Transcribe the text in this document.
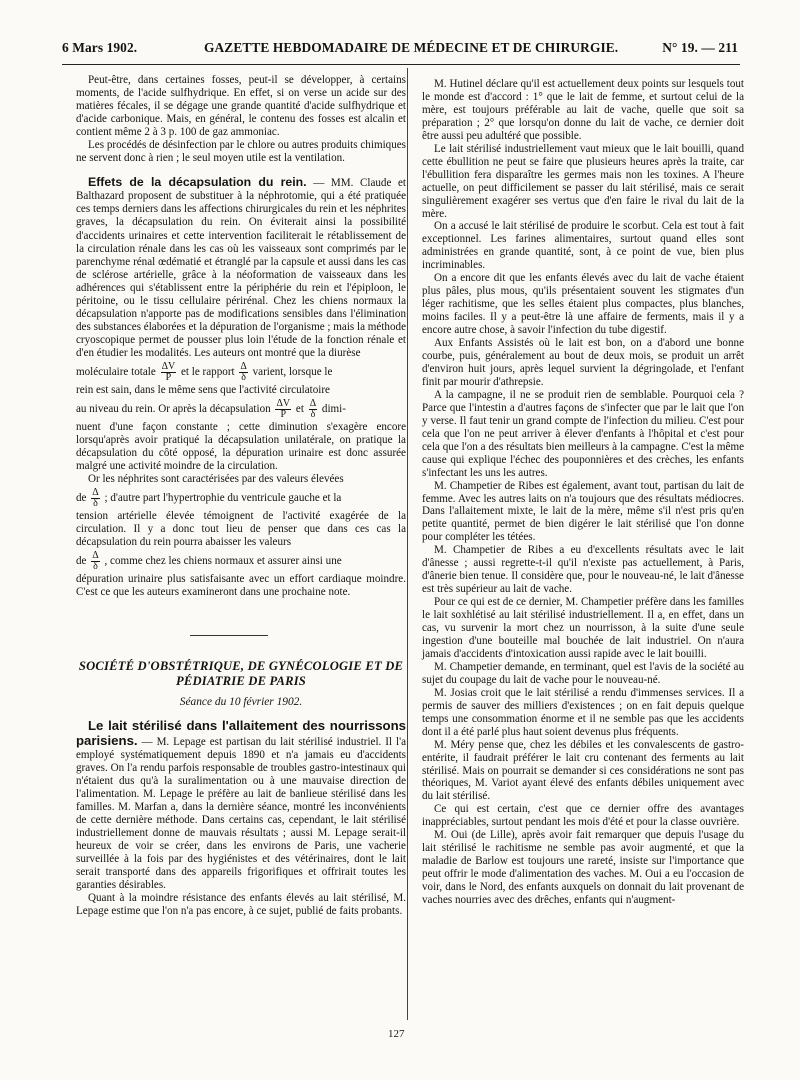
6 Mars 1902.	GAZETTE HEBDOMADAIRE DE MÉDECINE ET DE CHIRURGIE.	N° 19. — 211

Peut-être, dans certaines fosses, peut-il se développer, à certains moments, de l'acide sulfhydrique. En effet, si on verse un acide sur des matières fécales, il se dégage une grande quantité d'acide sulfhydrique et d'acide carbonique. Mais, en général, le contenu des fosses est alcalin et contient même 2 à 3 p. 100 de gaz ammoniac.

Les procédés de désinfection par le chlore ou autres produits chimiques ne servent donc à rien ; le seul moyen utile est la ventilation.

Effets de la décapsulation du rein. — MM. Claude et Balthazard proposent de substituer à la néphrotomie, qui a été pratiquée ces temps derniers dans les affections chirurgicales du rein et les néphrites graves, la décapsulation du rein. On éviterait ainsi la possibilité d'accidents urinaires et cette intervention faciliterait le rétablissement de la circulation rénale dans les cas où les vaisseaux sont comprimés par le parenchyme rénal œdématié et étranglé par la capsule et aussi dans les cas de sclérose artérielle, grâce à la néoformation de vaisseaux dans les adhérences qui s'établissent entre la périphérie du rein et l'épiploon, le péritoine, ou le tissu cellulaire périrénal. Chez les chiens normaux la décapsulation n'apporte pas de modifications sensibles dans l'élimination des substances élaborées et la dépuration de l'organisme ; mais la méthode cryoscopique permet de pousser plus loin l'étude de la fonction rénale et d'en étudier les modalités. Les auteurs ont montré que la diurèse

moléculaire totale $\frac{\Delta V}{P}$ et le rapport $\frac{\Delta}{\delta}$ varient, lorsque le

rein est sain, dans le même sens que l'activité circulatoire

au niveau du rein. Or après la décapsulation $\frac{\Delta V}{P}$ et $\frac{\Delta}{\delta}$ dimi-

nuent d'une façon constante ; cette diminution s'exagère encore lorsqu'après avoir pratiqué la décapsulation unilatérale, on pratique la décapsulation du côté opposé, la dépuration urinaire est donc assurée malgré une activité moindre de la circulation.

Or les néphrites sont caractérisées par des valeurs élevées

de $\frac{\Delta}{\delta}$ ; d'autre part l'hypertrophie du ventricule gauche et la

tension artérielle élevée témoignent de l'activité exagérée de la circulation. Il y a donc tout lieu de penser que dans ces cas la décapsulation du rein pourra abaisser les valeurs

de $\frac{\Delta}{\delta}$ , comme chez les chiens normaux et assurer ainsi une

dépuration urinaire plus satisfaisante avec un effort cardiaque moindre. C'est ce que les auteurs examineront dans une prochaine note.

SOCIÉTÉ D'OBSTÉTRIQUE, DE GYNÉCOLOGIE ET DE PÉDIATRIE DE PARIS
Séance du 10 février 1902.

Le lait stérilisé dans l'allaitement des nourrissons parisiens. — M. Lepage est partisan du lait stérilisé industriel. Il l'a employé systématiquement depuis 1890 et n'a jamais eu d'accidents graves. On l'a rendu parfois responsable de troubles gastro-intestinaux qui n'étaient dus qu'à la suralimentation ou à une mauvaise direction de l'alimentation. M. Lepage le préfère au lait de banlieue stérilisé dans les familles. M. Marfan a, dans la dernière séance, montré les inconvénients de cette dernière méthode. Dans certains cas, cependant, le lait stérilisé industriellement donne de mauvais résultats ; aussi M. Lepage serait-il heureux de voir se créer, dans les environs de Paris, une vacherie surveillée à la fois par des hygiénistes et des vétérinaires, dont le lait serait transporté dans des appareils frigorifiques et offrirait toutes les garanties désirables.

Quant à la moindre résistance des enfants élevés au lait stérilisé, M. Lepage estime que l'on n'a pas encore, à ce sujet, publié de faits probants.

M. Hutinel déclare qu'il est actuellement deux points sur lesquels tout le monde est d'accord : 1° que le lait de femme, et surtout celui de la mère, est toujours préférable au lait de vache, quelle que soit sa préparation ; 2° que lorsqu'on donne du lait de vache, ce dernier doit être aussi peu adultéré que possible.

Le lait stérilisé industriellement vaut mieux que le lait bouilli, quand cette ébullition ne peut se faire que plusieurs heures après la traite, car l'ébullition fera disparaître les germes mais non les toxines. A l'heure actuelle, on peut difficilement se passer du lait stérilisé, mais ce serait singulièrement exagérer ses vertus que d'en faire le rival du lait de la mère.

On a accusé le lait stérilisé de produire le scorbut. Cela est tout à fait exceptionnel. Les farines alimentaires, surtout quand elles sont administrées en grande quantité, sont, à ce point de vue, bien plus incriminables.

On a encore dit que les enfants élevés avec du lait de vache étaient plus pâles, plus mous, qu'ils présentaient souvent les stigmates d'un léger rachitisme, que les selles étaient plus compactes, plus blanches, moins faciles. Il y a peut-être là une affaire de ferments, mais il y a encore autre chose, à savoir l'infection du tube digestif.

Aux Enfants Assistés où le lait est bon, on a d'abord une bonne courbe, puis, généralement au bout de deux mois, se produit un arrêt d'environ huit jours, après lequel survient la dégringolade, et l'enfant finit par mourir d'athrepsie.

A la campagne, il ne se produit rien de semblable. Pourquoi cela ? Parce que l'intestin a d'autres façons de s'infecter que par le lait que l'on y verse. Il faut tenir un grand compte de l'infection du milieu. C'est pour cela que l'on ne peut arriver à élever d'enfants à l'hôpital et c'est pour cela que l'on a des résultats bien meilleurs à la campagne. C'est la même cause qui explique l'échec des pouponnières et des crèches, les enfants s'infectant les uns les autres.

M. Champetier de Ribes est également, avant tout, partisan du lait de femme. Avec les autres laits on n'a toujours que des résultats médiocres. Dans l'allaitement mixte, le lait de la mère, même s'il n'est pris qu'en petite quantité, permet de bien digérer le lait stérilisé que l'on donne pour compléter les tétées.

M. Champetier de Ribes a eu d'excellents résultats avec le lait d'ânesse ; aussi regrette-t-il qu'il n'existe pas actuellement, à Paris, d'ânerie bien tenue. Il considère que, pour le nouveau-né, le lait d'ânesse est très supérieur au lait de vache.

Pour ce qui est de ce dernier, M. Champetier préfère dans les familles le lait soxhlétisé au lait stérilisé industriellement. Il a, en effet, dans un cas, vu survenir la mort chez un nourrisson, à la suite d'une seule ingestion d'une bouteille mal bouchée de lait industriel. On n'aura jamais d'accidents d'intoxication aussi rapide avec le lait bouilli.

M. Champetier demande, en terminant, quel est l'avis de la société au sujet du coupage du lait de vache pour le nouveau-né.

M. Josias croit que le lait stérilisé a rendu d'immenses services. Il a permis de sauver des milliers d'existences ; on en fait depuis quelque temps une consommation énorme et il ne semble pas que les accidents dont il a été parlé plus haut soient devenus plus fréquents.

M. Méry pense que, chez les débiles et les convalescents de gastro-entérite, il faudrait préférer le lait cru contenant des ferments au lait stérilisé. Mais on pourrait se demander si ces considérations ne sont pas théoriques, M. Variot ayant élevé des enfants débiles uniquement avec du lait stérilisé.

Ce qui est certain, c'est que ce dernier offre des avantages inappréciables, surtout pendant les mois d'été et pour la classe ouvrière.

M. Oui (de Lille), après avoir fait remarquer que depuis l'usage du lait stérilisé le rachitisme ne semble pas avoir augmenté, et que la maladie de Barlow est toujours une rareté, insiste sur l'importance que peut offrir le mode d'alimentation des vaches. M. Oui a eu l'occasion de voir, dans le Nord, des enfants auxquels on donnait du lait provenant de vaches nourries avec des drêches, enfants qui n'augment-

127
